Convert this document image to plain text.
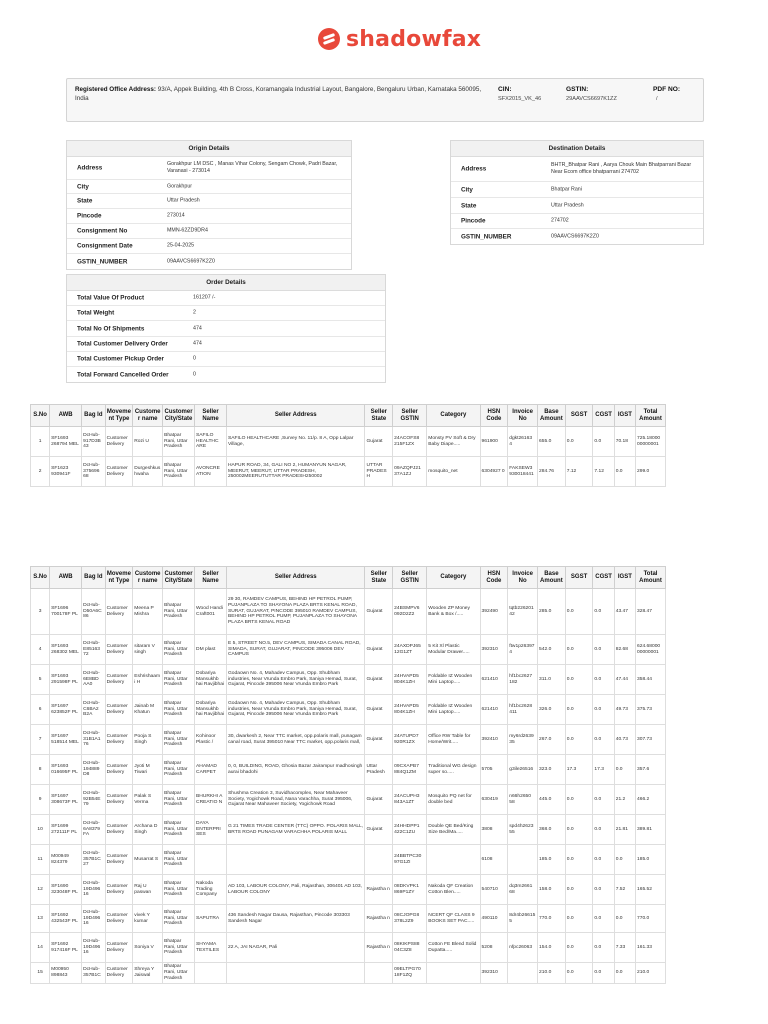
shadowfax
Registered Office Address: 93/A, Appek Building, 4th B Cross, Koramangala Industrial Layout, Bangalore, Bengaluru Urban, Karnataka 560095, India
CIN:
SFX2015_VK_46
GSTIN:
29AAVCS6697K1ZZ
PDF NO:
/
Origin Details
Address
Gorakhpur LM DSC , Manas Vihar Colony, Sengam Chowk, Padri Bazar, Varanasi - 273014
City	Gorakhpur
State	Uttar Pradesh
Pincode	273014
Consignment No	MMN-62ZD9DR4
Consignment Date	25-04-2025
GSTIN_NUMBER	09AAVCS6697K2Z0
Destination Details
Address
BHTR_Bhatpar Rani , Aarya Chouk Main Bhatparrani Bazar Near Ecom office bhatparrani 274702
City	Bhatpar Rani
State	Uttar Pradesh
Pincode	274702
GSTIN_NUMBER	09AAVCS6697K2Z0
Order Details
Total Value Of Product	161207 /-
Total Weight	2
Total No Of Shipments	474
Total Customer Delivery Order	474
Total Customer Pickup Order	0
Total Forward Cancelled Order	0
S.No	AWB	Bag Id	Movement Type	Customer name	Customer City/State	Seller Name	Seller Address	Seller State	Seller GSTIN	Category	HSN Code	Invoice No	Base Amount	SGST	CGST	IGST	Total Amount
1	SF1693 268794 MEL	DcHub-917D3B 43	Customer Delivery	Rozi U	Bhatpar Rani, Uttar Pradesh	SAFILO HEALTHC ARE	SAFILO HEALTHCARE ,Survey No. 11/p. 8 A, Opp Lalpar Village,	Gujarat	24ACOFS8 215F1ZX	Monsty PV Soft & Dry Baby Diape.....	961900	dgkt26163 4	655.0	0.0	0.0	70.18	725.18000 00000001
2	SF1623 930941F	DcHub-375696 68	Customer Delivery	Durgeshkus hwaha	Bhatpar Rani, Uttar Pradesh	AVONCRE ATION	HAPUR ROAD, 34, GALI NO 2, HUMANYUN NAGAR, MEERUT, MEERUT, UTTAR PRADESH, 250002MEERUTUTTAR PRADESH250002	UTTAR PRADES H	09AZQPJ21 37A1ZJ	mosquito_net	6304927 0	FAKSEW3 930018441	284.76	7.12	7.12	0.0	299.0
S.No	AWB	Bag Id	Movement Type	Customer name	Customer City/State	Seller Name	Seller Address	Seller State	Seller GSTIN	Category	HSN Code	Invoice No	Base Amount	SGST	CGST	IGST	Total Amount
3	SF1696 700178F PL	DcHub-D50A6C 86	Customer Delivery	Meena P Mishra	Bhatpar Rani, Uttar Pradesh	Wood Handi Craft001	29 30, RAMDEV CAMPUS, BEHIND HP PETROL PUMP, PUJANPLAZA TO SHAYONA PLAZA BRTS KENAL ROAD, SURAT, GUJARAT, PINCODE 395010 RAMDEV CAMPUS, BEHIND HP PETROL PUMP, PUJANPLAZA TO SHAYONA PLAZA BRTS KENAL ROAD	Gujarat	24BSMPV6 092D2Z2	Wooden ZP Money Bank & Box /.....	392490	tqtb226201 42	285.0	0.0	0.0	43.47	328.47
4	SF1693 268302 MEL	DcHub-E85163 72	Customer Delivery	sitaram V singh	Bhatpar Rani, Uttar Pradesh	DM plast	E 5, STREET NO.5, DEV CAMPUS, SIMADA CANAL ROAD, SIMADA, SURAT, GUJARAT, PINCODE 395006 DEV CAMPUS	Gujarat	24AXDPJ65 12G1ZT	5 Kit Xl Plastic Modular Drawer.....	392310	ftw1p26397 4	542.0	0.0	0.0	82.68	624.68000 00000001
5	SF1693 291598F PL	DcHub-6E8BD AA0	Customer Delivery	Eshrishaami H	Bhatpar Rani, Uttar Pradesh	Dobariya Mansukhb hai Ravjibhai	Godaown No. 4, Mahadev Campus, Opp. Shubham industries, Near Vrunda Embro Park, Saniya Hemad, Surat, Gujarat, Pincode 395006 Near Vrunda Embro Park	Gujarat	24HVAPD5 804K1ZH	Foldable IZ Wooden Mini Laptop.....	621410	hf1bc2627 182	311.0	0.0	0.0	47.44	358.44
6	SF1697 623852F PL	DcHub-C6BA2 B2A	Customer Delivery	Jainab M Khatun	Bhatpar Rani, Uttar Pradesh	Dobariya Mansukhb hai Ravjibhai	Godaown No. 4, Mahadev Campus, Opp. Shubham industries, Near Vrunda Embro Park, Saniya Hemad, Surat, Gujarat, Pincode 395006 Near Vrunda Embro Park	Gujarat	24HVAPD5 804K1ZH	Foldable IZ Wooden Mini Laptop.....	621410	hf1bc2628 411	326.0	0.0	0.0	49.73	375.73
7	SF1697 518514 MEL	DcHub-31B1A1 76	Customer Delivery	Pooja S Singh	Bhatpar Rani, Uttar Pradesh	Kohinoor Plastic /	30, dwarkesh 2, Near TTC market, opp.polaris mall, punagam canal road, Surat 395010 Near TTC market, opp.polaris mall,	Gujarat	24ATUPD7 920R1ZX	Office RW Table for Home/Writ.....	392410	my6rd2639 35	267.0	0.0	0.0	40.73	307.73
8	SF1693 016695F PL	DcHub-194889 D8	Customer Delivery	Jyoti M Tiwari	Bhatpar Rani, Uttar Pradesh	AHAMAD CARPET	0, 0, BUILDING, ROAD, Ghosia Bazar Jairampur madhosingh aurai bhadohi	Uttar Pradesh	09CXAPB7 884Q1ZM	Traditional WG design super so.....	5705	g3ile26516	323.0	17.3	17.3	0.0	357.6
9	SF1697 308673F PL	DcHub-92B54E 79	Customer Delivery	Palak S Verma	Bhatpar Rani, Uttar Pradesh	BHURKHI A CREATIO N	Shushma Creation 3, Suvidhacomplex, Near Mahaveer Society, Yogichowk Road, Nana Varachha, Surat 395006, Gujarat Near Mahaveer Society, Yogichowk Road	Gujarat	24ACUPH3 843A1ZT	Mosquito PQ net for double bed	630419	n66h2650 58	445.0	0.0	0.0	21.2	466.2
10	SF1699 272111F PL	DcHub-6A8379 FA	Customer Delivery	Archana D Singh	Bhatpar Rani, Uttar Pradesh	DAYA ENTERPRI SES	G 21 TIMES TRADE CENTER (TTC) OPPO. POLARIS MALL, BRTS ROAD PUNAGAM VARACHHA POLARIS MALL	Gujarat	24HHDPP1 422C1ZU	Double QE Bed/King Size Bed/Ma.....	3808	spd4h2623 55	368.0	0.0	0.0	21.81	389.81
11	M00949 824379	DcHub-357B1C 27	Customer Delivery	Musarrat S	Bhatpar Rani, Uttar Pradesh				24BBTPC30 97G1ZI		6108		185.0	0.0	0.0	0.0	185.0
12	SF1690 323048F PL	DcHub-19D496 16	Customer Delivery	Raj U paswan	Bhatpar Rani, Uttar Pradesh	Nakoda Trading Company	AD 103, LABOUR COLONY, Pali, Rajasthan, 306401 AD 103, LABOUR COLONY	Rajastha n	08DKVPK1 869P1ZY	Nakoda QF Creation Cotton Blen.....	540710	dq3m2661 68	158.0	0.0	0.0	7.52	165.52
13	SF1692 432543F PL	DcHub-19D496 16	Customer Delivery	vivek Y kumar	Bhatpar Rani, Uttar Pradesh	SAPUTRA	436 Sandesh Nagar Dausa, Rajasthan, Pincode 303303 Sandesh Nagar	Rajastha n	08CJOPG8 378L2Z9	NCERT QF CLASS 9 BOOKS SET PAC.....	490110	8dr4b26615 5	770.0	0.0	0.0	0.0	770.0
14	SF1692 917416F PL	DcHub-19D496 16	Customer Delivery	Soniya V	Bhatpar Rani, Uttar Pradesh	SHYAMA TEXTILES	22 A, JAI NAGAR, Pali	Rajastha n	08KIKPS88 04C3Z8	Cotton FE Blend Solid Dupatta.....	5208	nfpc26063	154.0	0.0	0.0	7.33	161.33
15	M00950 898843	DcHub-357B1C	Customer Delivery	Shreya Y Jaiswal	Bhatpar Rani, Uttar Pradesh				09ELTPG70 18F1ZQ		392310		210.0	0.0	0.0	0.0	210.0
